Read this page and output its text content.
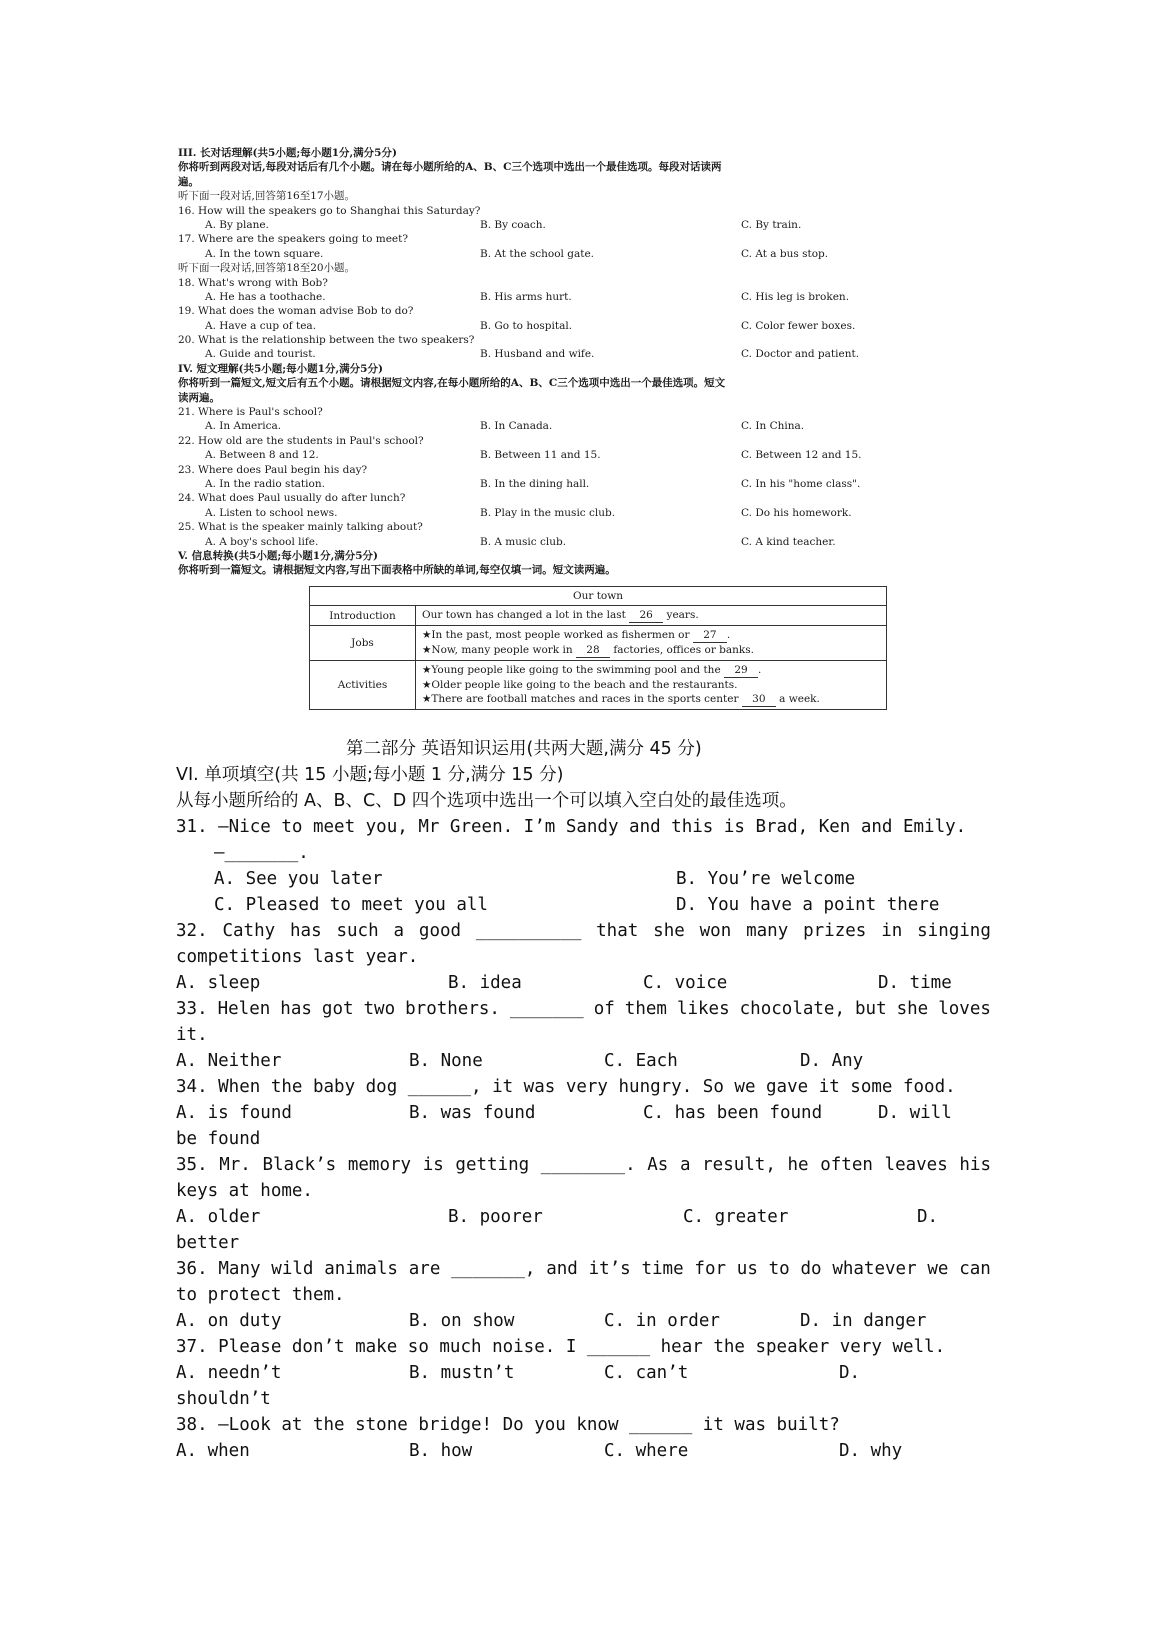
III. 长对话理解(共5小题;每小题1分,满分5分)
你将听到两段对话,每段对话后有几个小题。请在每小题所给的A、B、C三个选项中选出一个最佳选项。每段对话读两
遍。
听下面一段对话,回答第16至17小题。
16. How will the speakers go to Shanghai this Saturday?
A. By plane.	B. By coach.	C. By train.
17. Where are the speakers going to meet?
A. In the town square.	B. At the school gate.	C. At a bus stop.
听下面一段对话,回答第18至20小题。
18. What's wrong with Bob?
A. He has a toothache.	B. His arms hurt.	C. His leg is broken.
19. What does the woman advise Bob to do?
A. Have a cup of tea.	B. Go to hospital.	C. Color fewer boxes.
20. What is the relationship between the two speakers?
A. Guide and tourist.	B. Husband and wife.	C. Doctor and patient.
IV. 短文理解(共5小题;每小题1分,满分5分)
你将听到一篇短文,短文后有五个小题。请根据短文内容,在每小题所给的A、B、C三个选项中选出一个最佳选项。短文
读两遍。
21. Where is Paul's school?
A. In America.	B. In Canada.	C. In China.
22. How old are the students in Paul's school?
A. Between 8 and 12.	B. Between 11 and 15.	C. Between 12 and 15.
23. Where does Paul begin his day?
A. In the radio station.	B. In the dining hall.	C. In his "home class".
24. What does Paul usually do after lunch?
A. Listen to school news.	B. Play in the music club.	C. Do his homework.
25. What is the speaker mainly talking about?
A. A boy's school life.	B. A music club.	C. A kind teacher.
V. 信息转换(共5小题;每小题1分,满分5分)
你将听到一篇短文。请根据短文内容,写出下面表格中所缺的单词,每空仅填一词。短文读两遍。
Our town	
Introduction	Our town has changed a lot in the last 26 years.

Jobs	★In the past, most people worked as fishermen or 27 .
★Now, many people work in 28 factories, offices or banks.

Activities	★Young people like going to the swimming pool and the 29 .
★Older people like going to the beach and the restaurants.
★There are football matches and races in the sports center 30 a week.
第二部分 英语知识运用(共两大题,满分 45 分)
VI. 单项填空(共 15 小题;每小题 1 分,满分 15 分)
从每小题所给的 A、B、C、D 四个选项中选出一个可以填入空白处的最佳选项。
31. —Nice to meet you, Mr Green. I’m Sandy and this is Brad, Ken and Emily.
—_______.
A. See you later	B. You’re welcome
C. Pleased to meet you all	D. You have a point there
32. Cathy has such a good __________ that she won many prizes in singing
competitions last year.
A. sleep	B. idea	C. voice	D. time
33. Helen has got two brothers. _______ of them likes chocolate, but she loves
it.
A. Neither	B. None	C. Each	D. Any
34. When the baby dog ______, it was very hungry. So we gave it some food.
A. is found	B. was found	C. has been found	D. will
be found
35. Mr. Black’s memory is getting ________. As a result, he often leaves his
keys at home.
A. older	B. poorer	C. greater	D.
better
36. Many wild animals are _______, and it’s time for us to do whatever we can
to protect them.
A. on duty	B. on show	C. in order	D. in danger
37. Please don’t make so much noise. I ______ hear the speaker very well.
A. needn’t	B. mustn’t	C. can’t	D.
shouldn’t
38. —Look at the stone bridge! Do you know ______ it was built?
A. when	B. how	C. where	D. why
